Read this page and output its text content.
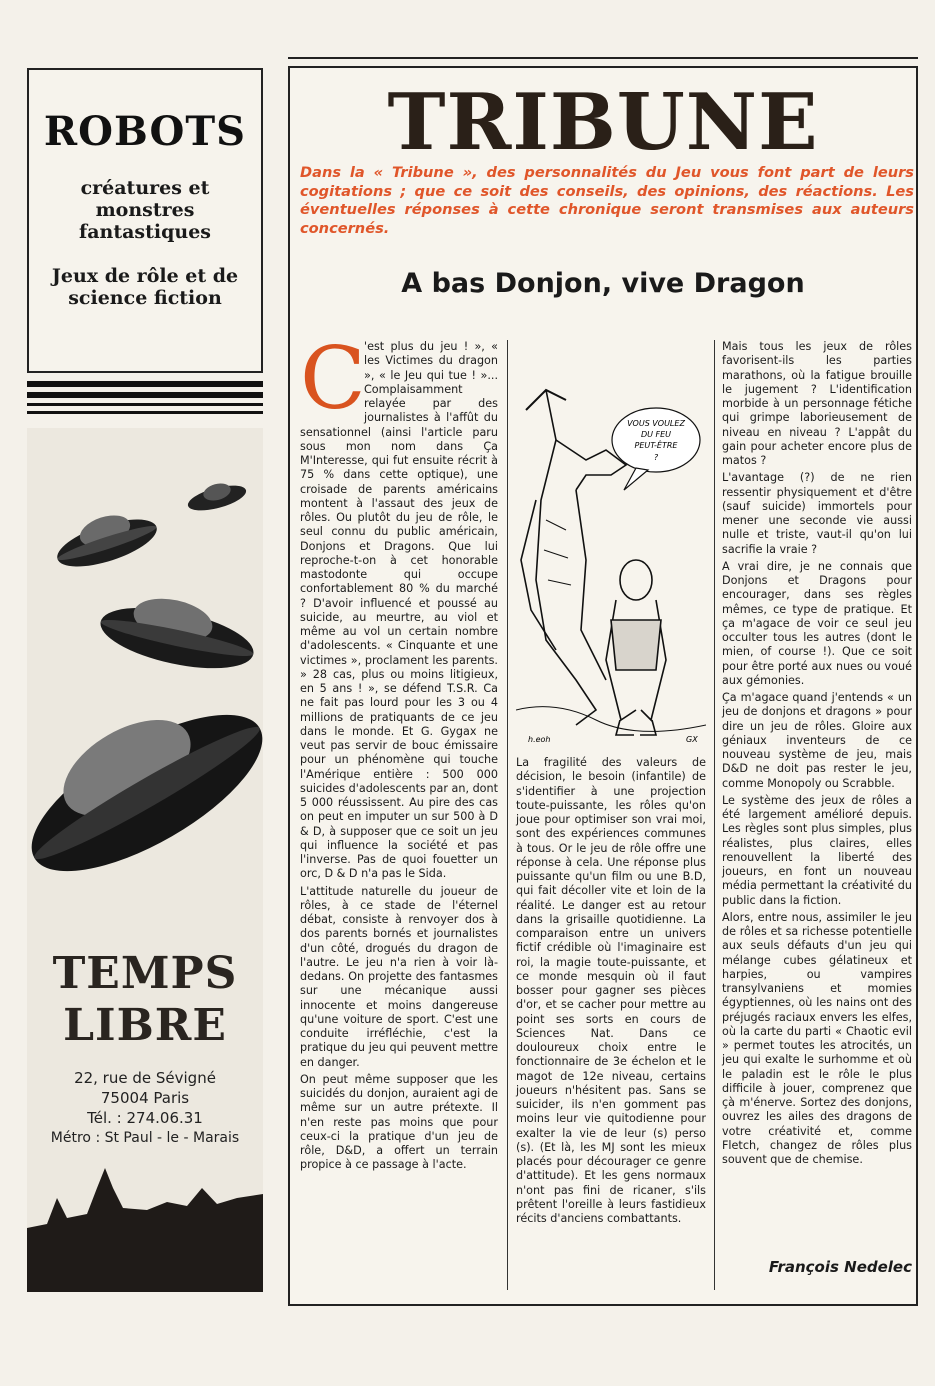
ROBOTS
créatures et monstres fantastiques
Jeux de rôle et de science fiction
TEMPS
LIBRE
22, rue de Sévigné
75004 Paris
Tél. : 274.06.31
Métro : St Paul - le - Marais
TRIBUNE
Dans la « Tribune », des personnalités du Jeu vous font part de leurs cogitations ; que ce soit des conseils, des opinions, des réactions. Les éventuelles réponses à cette chronique seront transmises aux auteurs concernés.
A bas Donjon, vive Dragon

C
'est plus du jeu ! », « les Victimes du dragon », « le Jeu qui tue ! »... Complaisamment relayée par des journalistes à l'affût du sensationnel (ainsi l'article paru sous mon nom dans Ça M'Interesse, qui fut ensuite récrit à 75 % dans cette optique), une croisade de parents américains montent à l'assaut des jeux de rôles. Ou plutôt du jeu de rôle, le seul connu du public américain, Donjons et Dragons. Que lui reproche-t-on à cet honorable mastodonte qui occupe confortablement 80 % du marché ? D'avoir influencé et poussé au suicide, au meurtre, au viol et même au vol un certain nombre d'adolescents. « Cinquante et une victimes », proclament les parents. » 28 cas, plus ou moins litigieux, en 5 ans ! », se défend T.S.R. Ca ne fait pas lourd pour les 3 ou 4 millions de pratiquants de ce jeu dans le monde. Et G. Gygax ne veut pas servir de bouc émissaire pour un phénomène qui touche l'Amérique entière : 500 000 suicides d'adolescents par an, dont 5 000 réussissent. Au pire des cas on peut en imputer un sur 500 à D & D, à supposer que ce soit un jeu qui influence la société et pas l'inverse. Pas de quoi fouetter un orc, D & D n'a pas le Sida.

L'attitude naturelle du joueur de rôles, à ce stade de l'éternel débat, consiste à renvoyer dos à dos parents bornés et journalistes d'un côté, drogués du dragon de l'autre. Le jeu n'a rien à voir là-dedans. On projette des fantasmes sur une mécanique aussi innocente et moins dangereuse qu'une voiture de sport. C'est une conduite irréfléchie, c'est la pratique du jeu qui peuvent mettre en danger.

On peut même supposer que les suicidés du donjon, auraient agi de même sur un autre prétexte. Il n'en reste pas moins que pour ceux-ci la pratique d'un jeu de rôle, D&D, a offert un terrain propice à ce passage à l'acte.

VOUS VOULEZ
DU FEU
PEUT-ÊTRE
?
h.eoh	GX

La fragilité des valeurs de décision, le besoin (infantile) de s'identifier à une projection toute-puissante, les rôles qu'on joue pour optimiser son vrai moi, sont des expériences communes à tous. Or le jeu de rôle offre une réponse à cela. Une réponse plus puissante qu'un film ou une B.D, qui fait décoller vite et loin de la réalité. Le danger est au retour dans la grisaille quotidienne. La comparaison entre un univers fictif crédible où l'imaginaire est roi, la magie toute-puissante, et ce monde mesquin où il faut bosser pour gagner ses pièces d'or, et se cacher pour mettre au point ses sorts en cours de Sciences Nat. Dans ce douloureux choix entre le fonctionnaire de 3e échelon et le magot de 12e niveau, certains joueurs n'hésitent pas. Sans se suicider, ils n'en gomment pas moins leur vie quitodienne pour exalter la vie de leur (s) perso (s). (Et là, les MJ sont les mieux placés pour décourager ce genre d'attitude). Et les gens normaux n'ont pas fini de ricaner, s'ils prêtent l'oreille à leurs fastidieux récits d'anciens combattants.

Mais tous les jeux de rôles favorisent-ils les parties marathons, où la fatigue brouille le jugement ? L'identification morbide à un personnage fétiche qui grimpe laborieusement de niveau en niveau ? L'appât du gain pour acheter encore plus de matos ?

L'avantage (?) de ne rien ressentir physiquement et d'être (sauf suicide) immortels pour mener une seconde vie aussi nulle et triste, vaut-il qu'on lui sacrifie la vraie ?

A vrai dire, je ne connais que Donjons et Dragons pour encourager, dans ses règles mêmes, ce type de pratique. Et ça m'agace de voir ce seul jeu occulter tous les autres (dont le mien, of course !). Que ce soit pour être porté aux nues ou voué aux gémonies.

Ça m'agace quand j'entends « un jeu de donjons et dragons » pour dire un jeu de rôles. Gloire aux géniaux inventeurs de ce nouveau système de jeu, mais D&D ne doit pas rester le jeu, comme Monopoly ou Scrabble.

Le système des jeux de rôles a été largement amélioré depuis. Les règles sont plus simples, plus réalistes, plus claires, elles renouvellent la liberté des joueurs, en font un nouveau média permettant la créativité du public dans la fiction.

Alors, entre nous, assimiler le jeu de rôles et sa richesse potentielle aux seuls défauts d'un jeu qui mélange cubes gélatineux et harpies, ou vampires transylvaniens et momies égyptiennes, où les nains ont des préjugés raciaux envers les elfes, où la carte du parti « Chaotic evil » permet toutes les atrocités, un jeu qui exalte le surhomme et où le paladin est le rôle le plus difficile à jouer, comprenez que çà m'énerve. Sortez des donjons, ouvrez les ailes des dragons de votre créativité et, comme Fletch, changez de rôles plus souvent que de chemise.

François Nedelec
